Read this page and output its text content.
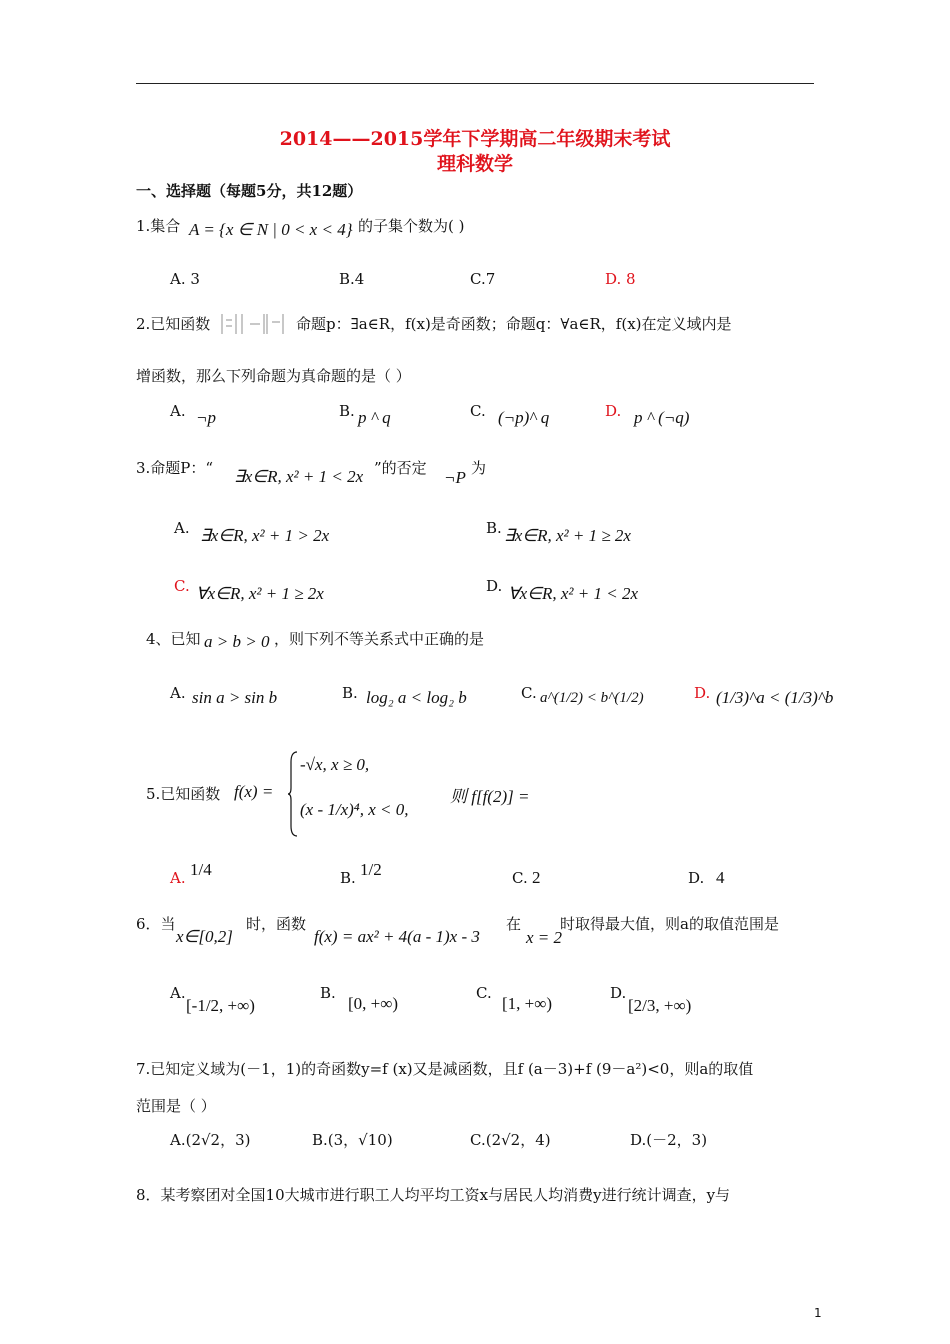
2014——2015学年下学期高二年级期末考试
理科数学
一、选择题（每题5分，共12题）
1.集合 A = {x ∈ N | 0 < x < 4} 的子集个数为( )
A. 3	B.4	C.7	D. 8
2.已知函数	命题p：∃a∈R，f(x)是奇函数；命题q：∀a∈R，f(x)在定义域内是
增函数，那么下列命题为真命题的是（ ）
A. ¬p	B. p ^ q	C. (¬p)^ q	D. p ^ (¬q)
3.命题P：“ ∃x∈R, x² + 1 < 2x ”的否定 ¬P 为
A. ∃x∈R, x² + 1 > 2x	B. ∃x∈R, x² + 1 ≥ 2x
C. ∀x∈R, x² + 1 ≥ 2x	D. ∀x∈R, x² + 1 < 2x
4、已知 a > b > 0 ，则下列不等关系式中正确的是
A. sin a > sin b	B. log₂ a < log₂ b	C. a^(1/2) < b^(1/2)	D. (1/3)^a < (1/3)^b
5.已知函数 f(x) =
-√x, x ≥ 0,
(x - 1/x)⁴, x < 0,
则 f[f(2)] =
A. 1/4	B. 1/2	C. 2	D. 4
6．当
x∈[0,2]
时，函数
f(x) = ax² + 4(a - 1)x - 3
在
x = 2
时取得最大值，则a的取值范围是
A.
[-1/2, +∞)
B.
[0, +∞)
C.
[1, +∞)
D.
[2/3, +∞)
7.已知定义域为(－1，1)的奇函数y=f (x)又是减函数，且f (a－3)+f (9－a²)<0，则a的取值
范围是（ ）
A.(2√2，3)	B.(3，√10)	C.(2√2，4)	D.(－2，3)
8．某考察团对全国10大城市进行职工人均平均工资x与居民人均消费y进行统计调查，y与
1
